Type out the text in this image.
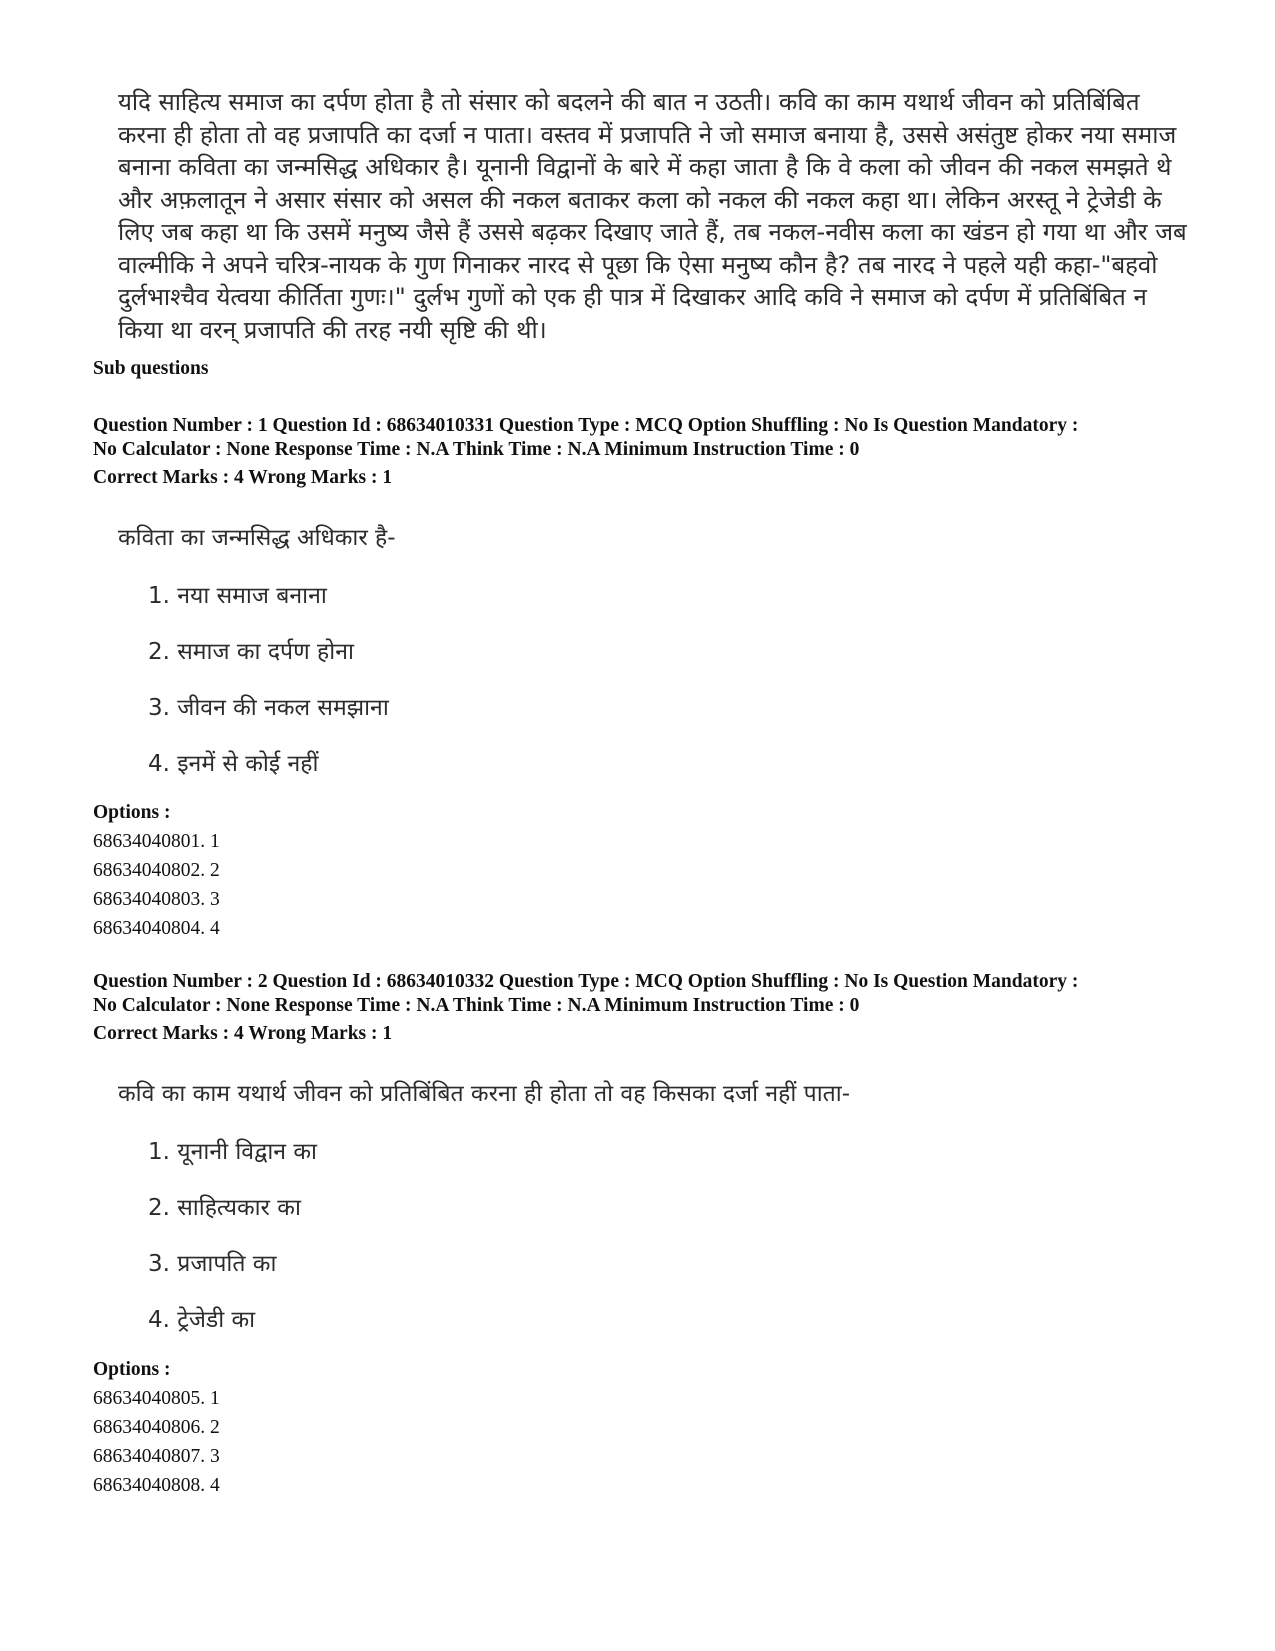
यदि साहित्य समाज का दर्पण होता है तो संसार को बदलने की बात न उठती। कवि का काम यथार्थ जीवन को प्रतिबिंबित करना ही होता तो वह प्रजापति का दर्जा न पाता। वस्तव में प्रजापति ने जो समाज बनाया है, उससे असंतुष्ट होकर नया समाज बनाना कविता का जन्मसिद्ध अधिकार है। यूनानी विद्वानों के बारे में कहा जाता है कि वे कला को जीवन की नकल समझते थे और अफ़लातून ने असार संसार को असल की नकल बताकर कला को नकल की नकल कहा था। लेकिन अरस्तू ने ट्रेजेडी के लिए जब कहा था कि उसमें मनुष्य जैसे हैं उससे बढ़कर दिखाए जाते हैं, तब नकल-नवीस कला का खंडन हो गया था और जब वाल्मीकि ने अपने चरित्र-नायक के गुण गिनाकर नारद से पूछा कि ऐसा मनुष्य कौन है? तब नारद ने पहले यही कहा-"बहवो दुर्लभाश्चैव येत्वया कीर्तिता गुणः।" दुर्लभ गुणों को एक ही पात्र में दिखाकर आदि कवि ने समाज को दर्पण में प्रतिबिंबित न किया था वरन् प्रजापति की तरह नयी सृष्टि की थी।

Sub questions

Question Number : 1 Question Id : 68634010331 Question Type : MCQ Option Shuffling : No Is Question Mandatory :

No Calculator : None Response Time : N.A Think Time : N.A Minimum Instruction Time : 0

Correct Marks : 4 Wrong Marks : 1

कविता का जन्मसिद्ध अधिकार है-

1. नया समाज बनाना

2. समाज का दर्पण होना

3. जीवन की नकल समझाना

4. इनमें से कोई नहीं

Options :

68634040801. 1

68634040802. 2

68634040803. 3

68634040804. 4

Question Number : 2 Question Id : 68634010332 Question Type : MCQ Option Shuffling : No Is Question Mandatory :

No Calculator : None Response Time : N.A Think Time : N.A Minimum Instruction Time : 0

Correct Marks : 4 Wrong Marks : 1

कवि का काम यथार्थ जीवन को प्रतिबिंबित करना ही होता तो वह किसका दर्जा नहीं पाता-

1. यूनानी विद्वान का

2. साहित्यकार का

3. प्रजापति का

4. ट्रेजेडी का

Options :

68634040805. 1

68634040806. 2

68634040807. 3

68634040808. 4
